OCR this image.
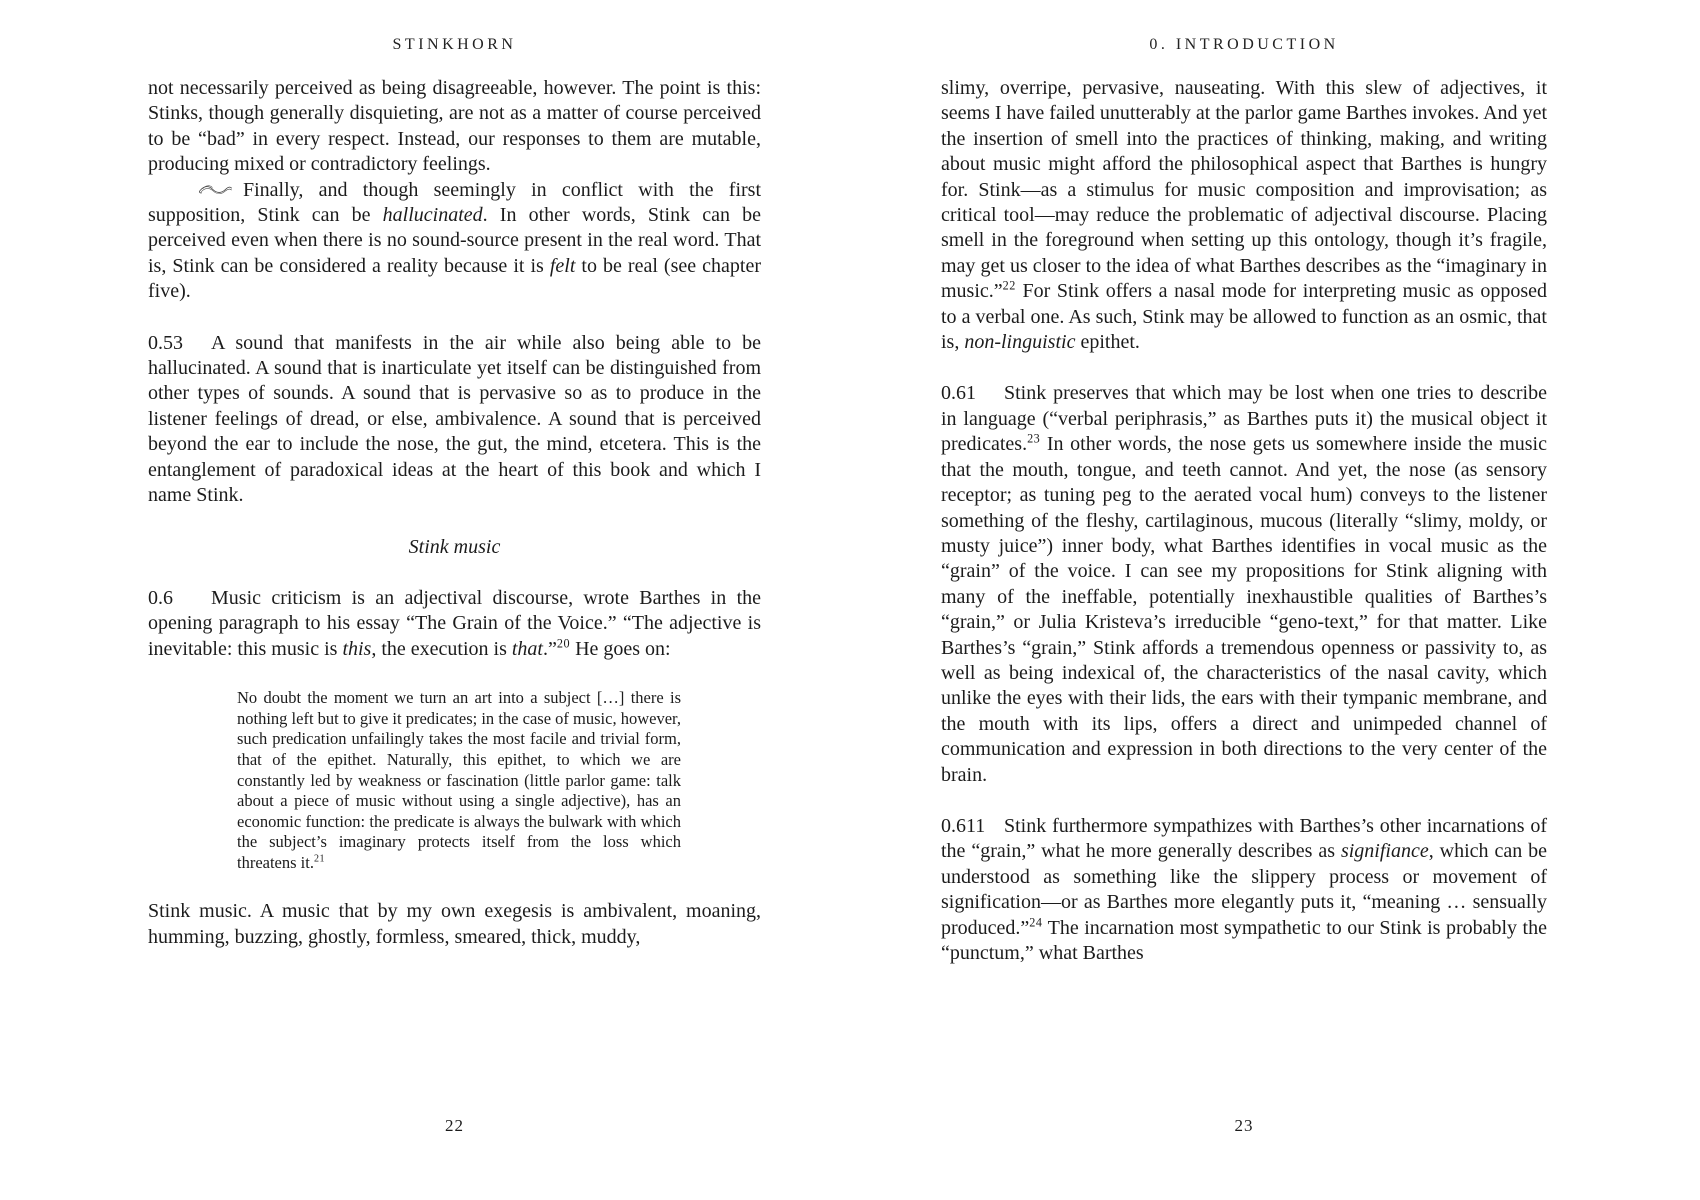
STINKHORN

not necessarily perceived as being disagreeable, however. The point is this: Stinks, though generally disquieting, are not as a matter of course perceived to be “bad” in every respect. Instead, our responses to them are mutable, producing mixed or contradictory feelings.

Finally, and though seemingly in conflict with the first supposition, Stink can be hallucinated. In other words, Stink can be perceived even when there is no sound-source present in the real word. That is, Stink can be considered a reality because it is felt to be real (see chapter five).

0.53 A sound that manifests in the air while also being able to be hallucinated. A sound that is inarticulate yet itself can be distinguished from other types of sounds. A sound that is pervasive so as to produce in the listener feelings of dread, or else, ambivalence. A sound that is perceived beyond the ear to include the nose, the gut, the mind, etcetera. This is the entanglement of paradoxical ideas at the heart of this book and which I name Stink.

Stink music

0.6 Music criticism is an adjectival discourse, wrote Barthes in the opening paragraph to his essay “The Grain of the Voice.” “The adjective is inevitable: this music is this, the execution is that.”$^{20}$ He goes on:

No doubt the moment we turn an art into a subject […] there is nothing left but to give it predicates; in the case of music, however, such predication unfailingly takes the most facile and trivial form, that of the epithet. Naturally, this epithet, to which we are constantly led by weakness or fascination (little parlor game: talk about a piece of music without using a single adjective), has an economic function: the predicate is always the bulwark with which the subject’s imaginary protects itself from the loss which threatens it.$^{21}$

Stink music. A music that by my own exegesis is ambivalent, moaning, humming, buzzing, ghostly, formless, smeared, thick, muddy,

22
0. INTRODUCTION

slimy, overripe, pervasive, nauseating. With this slew of adjectives, it seems I have failed unutterably at the parlor game Barthes invokes. And yet the insertion of smell into the practices of thinking, making, and writing about music might afford the philosophical aspect that Barthes is hungry for. Stink—as a stimulus for music composition and improvisation; as critical tool—may reduce the problematic of adjectival discourse. Placing smell in the foreground when setting up this ontology, though it’s fragile, may get us closer to the idea of what Barthes describes as the “imaginary in music.”$^{22}$ For Stink offers a nasal mode for interpreting music as opposed to a verbal one. As such, Stink may be allowed to function as an osmic, that is, non-linguistic epithet.

0.61 Stink preserves that which may be lost when one tries to describe in language (“verbal periphrasis,” as Barthes puts it) the musical object it predicates.$^{23}$ In other words, the nose gets us somewhere inside the music that the mouth, tongue, and teeth cannot. And yet, the nose (as sensory receptor; as tuning peg to the aerated vocal hum) conveys to the listener something of the fleshy, cartilaginous, mucous (literally “slimy, moldy, or musty juice”) inner body, what Barthes identifies in vocal music as the “grain” of the voice. I can see my propositions for Stink aligning with many of the ineffable, potentially inexhaustible qualities of Barthes’s “grain,” or Julia Kristeva’s irreducible “geno-text,” for that matter. Like Barthes’s “grain,” Stink affords a tremendous openness or passivity to, as well as being indexical of, the characteristics of the nasal cavity, which unlike the eyes with their lids, the ears with their tympanic membrane, and the mouth with its lips, offers a direct and unimpeded channel of communication and expression in both directions to the very center of the brain.

0.611 Stink furthermore sympathizes with Barthes’s other incarnations of the “grain,” what he more generally describes as signifiance, which can be understood as something like the slippery process or movement of signification—or as Barthes more elegantly puts it, “meaning … sensually produced.”$^{24}$ The incarnation most sympathetic to our Stink is probably the “punctum,” what Barthes

23
